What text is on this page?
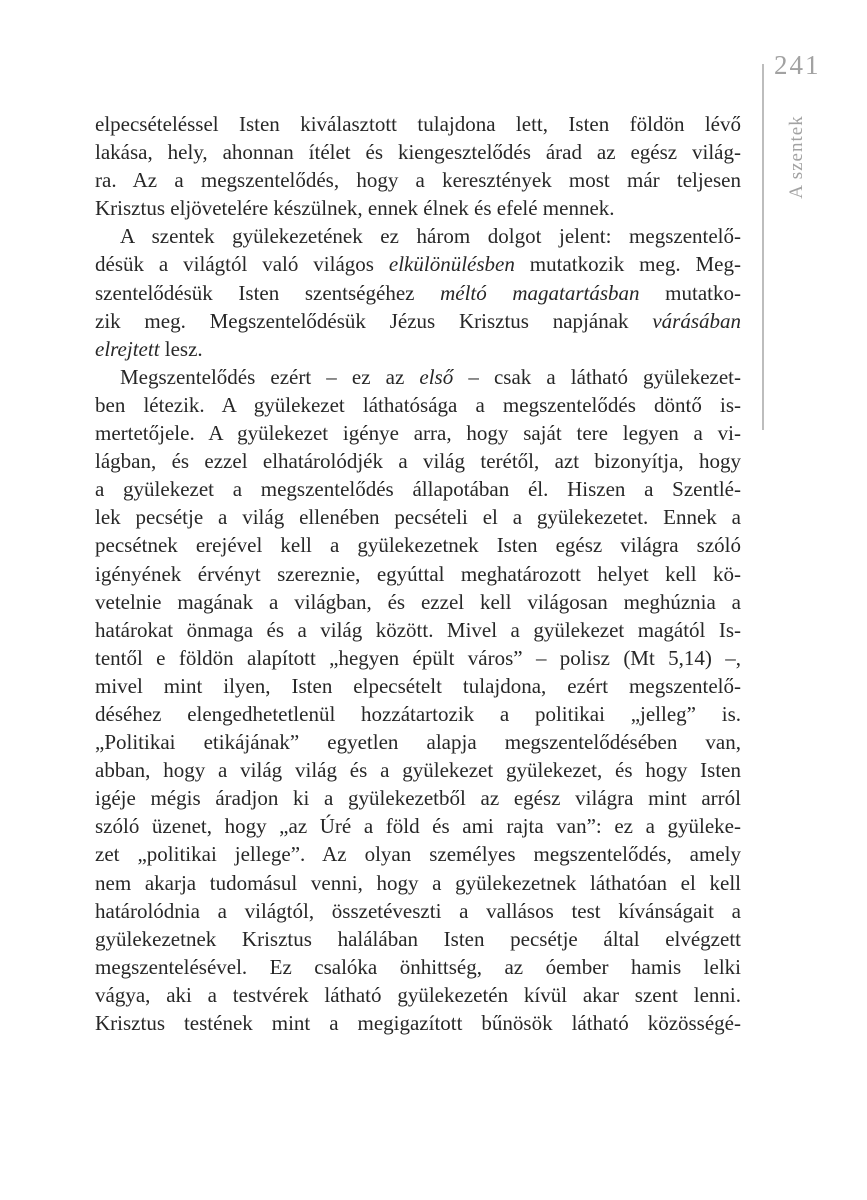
241
A szentek
elpecsételéssel Isten kiválasztott tulajdona lett, Isten földön lévő
lakása, hely, ahonnan ítélet és kiengesztelődés árad az egész világ-
ra. Az a megszentelődés, hogy a keresztények most már teljesen
Krisztus eljövetelére készülnek, ennek élnek és efelé mennek.
A szentek gyülekezetének ez három dolgot jelent: megszentelő-
désük a világtól való világos elkülönülésben mutatkozik meg. Meg-
szentelődésük Isten szentségéhez méltó magatartásban mutatko-
zik meg. Megszentelődésük Jézus Krisztus napjának várásában
elrejtett lesz.
Megszentelődés ezért – ez az első – csak a látható gyülekezet-
ben létezik. A gyülekezet láthatósága a megszentelődés döntő is-
mertetőjele. A gyülekezet igénye arra, hogy saját tere legyen a vi-
lágban, és ezzel elhatárolódjék a világ terétől, azt bizonyítja, hogy
a gyülekezet a megszentelődés állapotában él. Hiszen a Szentlé-
lek pecsétje a világ ellenében pecsételi el a gyülekezetet. Ennek a
pecsétnek erejével kell a gyülekezetnek Isten egész világra szóló
igényének érvényt szereznie, egyúttal meghatározott helyet kell kö-
vetelnie magának a világban, és ezzel kell világosan meghúznia a
határokat önmaga és a világ között. Mivel a gyülekezet magától Is-
tentől e földön alapított „hegyen épült város” – polisz (Mt 5,14) –,
mivel mint ilyen, Isten elpecsételt tulajdona, ezért megszentelő-
déséhez elengedhetetlenül hozzátartozik a politikai „jelleg” is.
„Politikai etikájának” egyetlen alapja megszentelődésében van,
abban, hogy a világ világ és a gyülekezet gyülekezet, és hogy Isten
igéje mégis áradjon ki a gyülekezetből az egész világra mint arról
szóló üzenet, hogy „az Úré a föld és ami rajta van”: ez a gyüleke-
zet „politikai jellege”. Az olyan személyes megszentelődés, amely
nem akarja tudomásul venni, hogy a gyülekezetnek láthatóan el kell
határolódnia a világtól, összetéveszti a vallásos test kívánságait a
gyülekezetnek Krisztus halálában Isten pecsétje által elvégzett
megszentelésével. Ez csalóka önhittség, az óember hamis lelki
vágya, aki a testvérek látható gyülekezetén kívül akar szent lenni.
Krisztus testének mint a megigazított bűnösök látható közösségé-
